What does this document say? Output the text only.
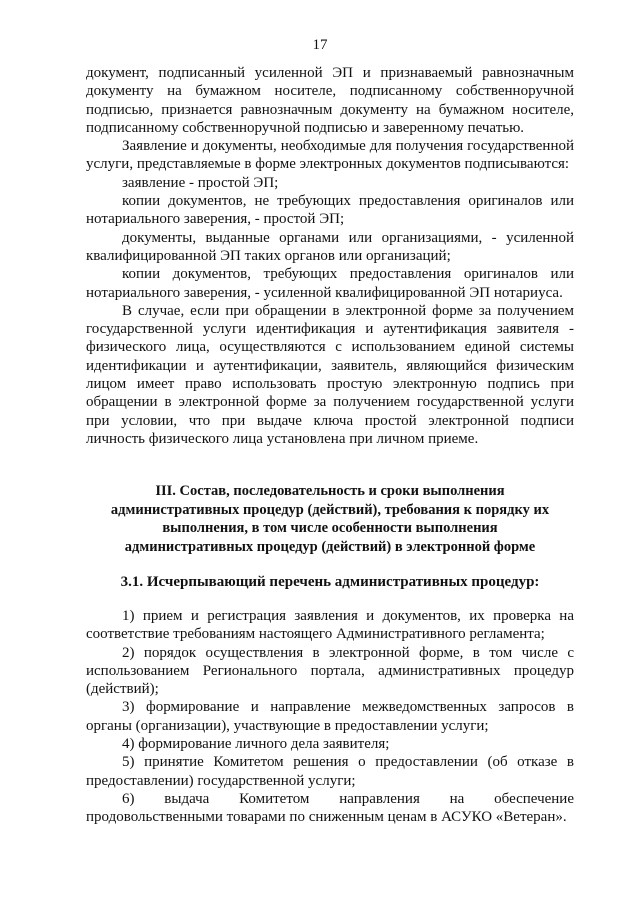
17

документ, подписанный усиленной ЭП и признаваемый равнозначным документу на бумажном носителе, подписанному собственноручной подписью, признается равнозначным документу на бумажном носителе, подписанному собственноручной подписью и заверенному печатью.

Заявление и документы, необходимые для получения государственной услуги, представляемые в форме электронных документов подписываются:

заявление - простой ЭП;

копии документов, не требующих предоставления оригиналов или нотариального заверения, - простой ЭП;

документы, выданные органами или организациями, - усиленной квалифицированной ЭП таких органов или организаций;

копии документов, требующих предоставления оригиналов или нотариального заверения, - усиленной квалифицированной ЭП нотариуса.

В случае, если при обращении в электронной форме за получением государственной услуги идентификация и аутентификация заявителя - физического лица, осуществляются с использованием единой системы идентификации и аутентификации, заявитель, являющийся физическим лицом имеет право использовать простую электронную подпись при обращении в электронной форме за получением государственной услуги при условии, что при выдаче ключа простой электронной подписи личность физического лица установлена при личном приеме.

III. Состав, последовательность и сроки выполнения

административных процедур (действий), требования к порядку их

выполнения, в том числе особенности выполнения

административных процедур (действий) в электронной форме

3.1. Исчерпывающий перечень административных процедур:

1) прием и регистрация заявления и документов, их проверка на соответствие требованиям настоящего Административного регламента;

2) порядок осуществления в электронной форме, в том числе с использованием Регионального портала, административных процедур (действий);

3) формирование и направление межведомственных запросов в органы (организации), участвующие в предоставлении услуги;

4) формирование личного дела заявителя;

5) принятие Комитетом решения о предоставлении (об отказе в предоставлении) государственной услуги;

6) выдача Комитетом направления на обеспечение продовольственными товарами по сниженным ценам в АСУКО «Ветеран».
